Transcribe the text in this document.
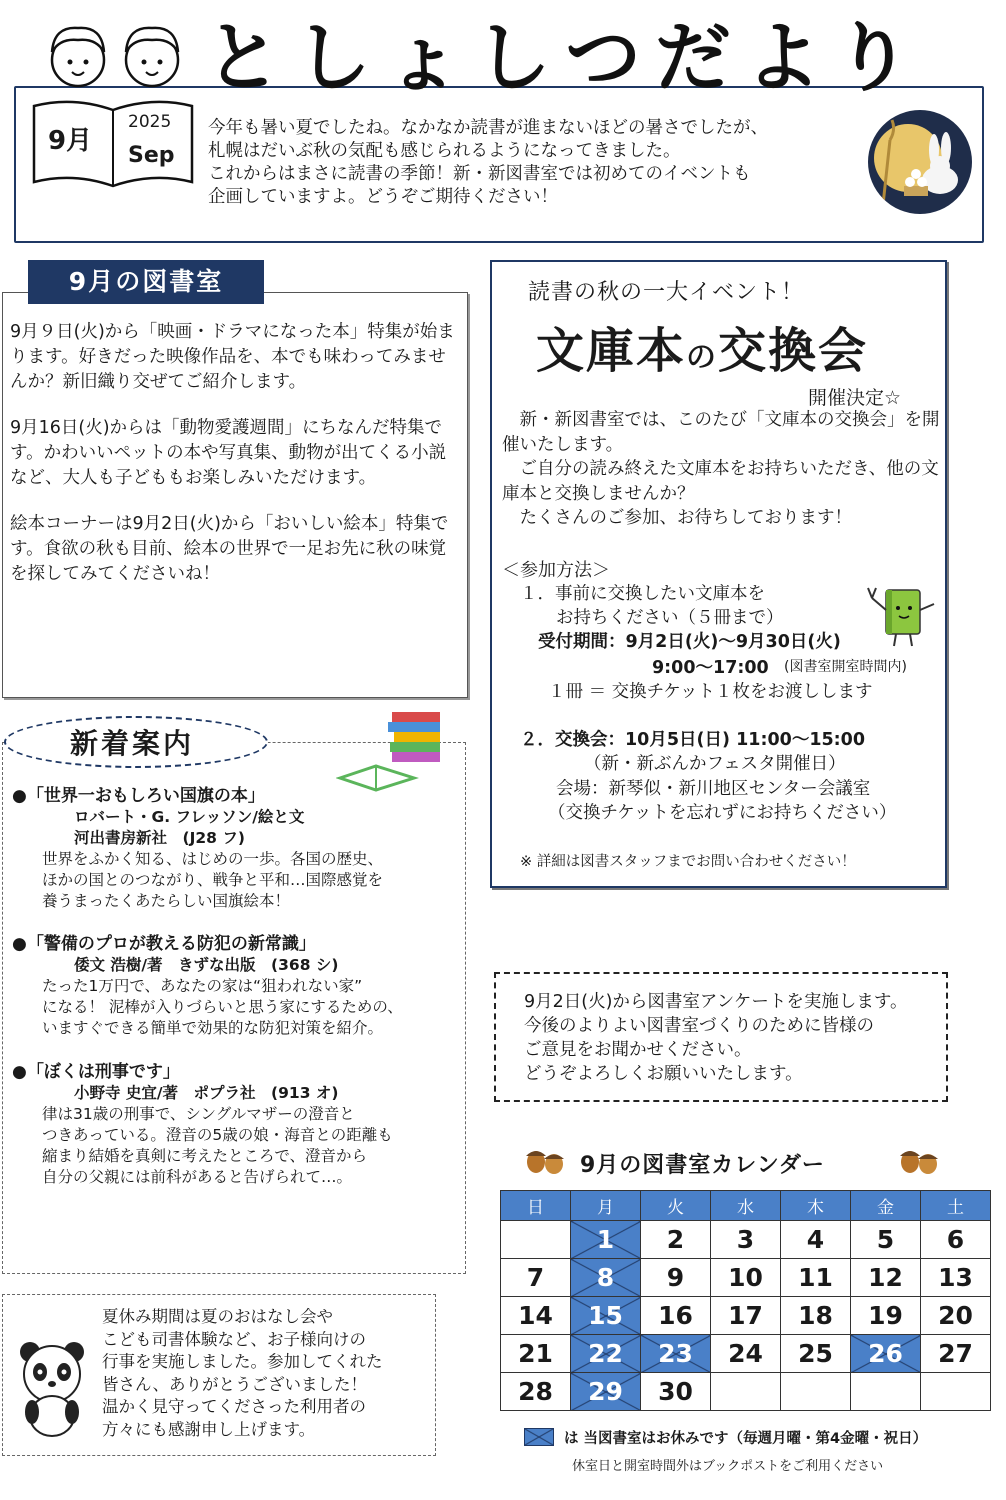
9月
2025
Sep
としょしつだより
今年も暑い夏でしたね。なかなか読書が進まないほどの暑さでしたが、
札幌はだいぶ秋の気配も感じられるようになってきました。
これからはまさに読書の季節！新・新図書室では初めてのイベントも
企画していますよ。どうぞご期待ください！
9月の図書室

9月９日(火)から「映画・ドラマになった本」特集が始まります。好きだった映像作品を、本でも味わってみませんか？新旧織り交ぜてご紹介します。

9月16日(火)からは「動物愛護週間」にちなんだ特集です。かわいいペットの本や写真集、動物が出てくる小説など、大人も子どももお楽しみいただけます。

絵本コーナーは9月2日(火)から「おいしい絵本」特集です。食欲の秋も目前、絵本の世界で一足お先に秋の味覚を探してみてくださいね！

読書の秋の一大イベント！
文庫本の交換会
開催決定☆
新・新図書室では、このたび「文庫本の交換会」を開催いたします。
ご自分の読み終えた文庫本をお持ちいただき、他の文庫本と交換しませんか？
たくさんのご参加、お待ちしております！
＜参加方法＞
１．事前に交換したい文庫本を
お持ちください（５冊まで）
受付期間：9月2日(火)～9月30日(火)
9:00～17:00 (図書室開室時間内)
１冊 ＝ 交換チケット１枚をお渡しします
２．交換会：10月5日(日) 11:00～15:00
（新・新ぶんかフェスタ開催日）
会場：新琴似・新川地区センター会議室
（交換チケットを忘れずにお持ちください）
※ 詳細は図書スタッフまでお問い合わせください！
新着案内
●「世界一おもしろい国旗の本」
ロバート・G. フレッソン/絵と文
河出書房新社　(J28 フ)
世界をふかく知る、はじめの一歩。各国の歴史、
ほかの国とのつながり、戦争と平和…国際感覚を
養うまったくあたらしい国旗絵本！
●「警備のプロが教える防犯の新常識」
倭文 浩樹/著　きずな出版　(368 シ)
たった1万円で、あなたの家は“狙われない家”
になる！ 泥棒が入りづらいと思う家にするための、
いますぐできる簡単で効果的な防犯対策を紹介。
●「ぼくは刑事です」
小野寺 史宜/著　ポプラ社　(913 オ)
律は31歳の刑事で、シングルマザーの澄音と
つきあっている。澄音の5歳の娘・海音との距離も
縮まり結婚を真剣に考えたところで、澄音から
自分の父親には前科があると告げられて…。
9月2日(火)から図書室アンケートを実施します。
今後のよりよい図書室づくりのために皆様の
ご意見をお聞かせください。
どうぞよろしくお願いいたします。
9月の図書室カレンダー
日	月	火	水	木	金	土
	1	2	3	4	5	6
7	8	9	10	11	12	13
14	15	16	17	18	19	20
21	22	23	24	25	26	27
28	29	30				
は 当図書室はお休みです（毎週月曜・第4金曜・祝日）
休室日と開室時間外はブックポストをご利用ください
夏休み期間は夏のおはなし会や
こども司書体験など、お子様向けの
行事を実施しました。参加してくれた
皆さん、ありがとうございました！
温かく見守ってくださった利用者の
方々にも感謝申し上げます。
